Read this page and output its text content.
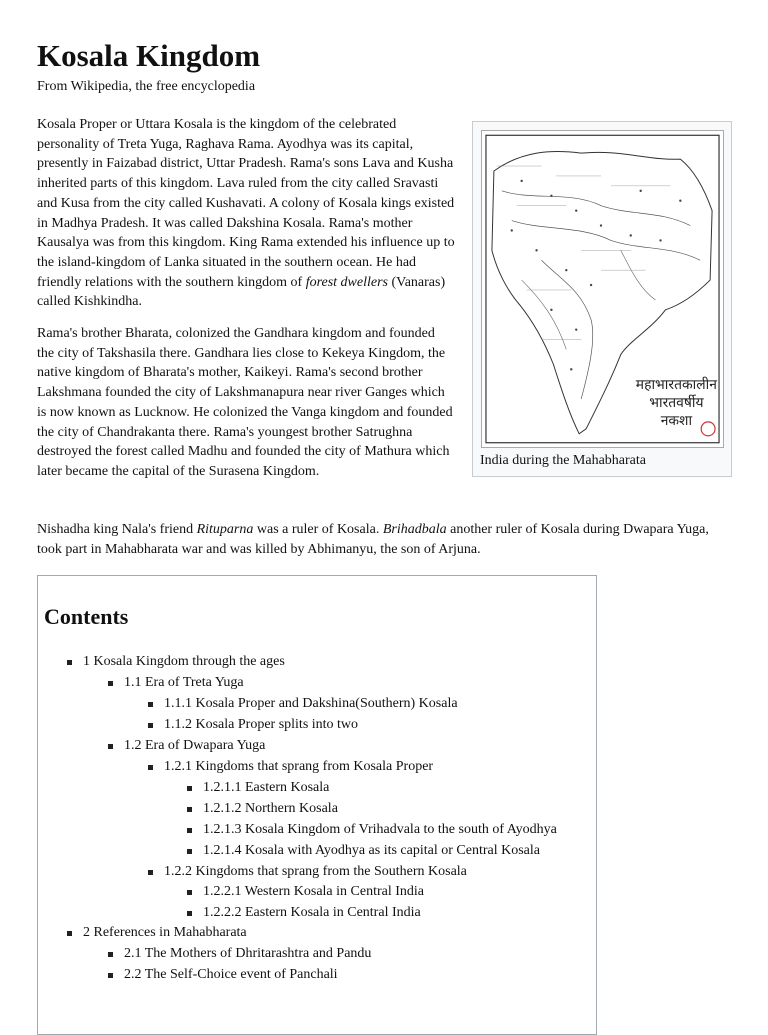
Kosala Kingdom
From Wikipedia, the free encyclopedia

Kosala Proper or Uttara Kosala is the kingdom of the celebrated personality of Treta Yuga, Raghava Rama. Ayodhya was its capital, presently in Faizabad district, Uttar Pradesh. Rama's sons Lava and Kusha inherited parts of this kingdom. Lava ruled from the city called Sravasti and Kusa from the city called Kushavati. A colony of Kosala kings existed in Madhya Pradesh. It was called Dakshina Kosala. Rama's mother Kausalya was from this kingdom. King Rama extended his influence up to the island-kingdom of Lanka situated in the southern ocean. He had friendly relations with the southern kingdom of forest dwellers (Vanaras) called Kishkindha.

Rama's brother Bharata, colonized the Gandhara kingdom and founded the city of Takshasila there. Gandhara lies close to Kekeya Kingdom, the native kingdom of Bharata's mother, Kaikeyi. Rama's second brother Lakshmana founded the city of Lakshmanapura near river Ganges which is now known as Lucknow. He colonized the Vanga kingdom and founded the city of Chandrakanta there. Rama's youngest brother Satrughna destroyed the forest called Madhu and founded the city of Mathura which later became the capital of the Surasena Kingdom.

महाभारतकालीन
भारतवर्षीय
नकशा
India during the Mahabharata
Nishadha king Nala's friend Rituparna was a ruler of Kosala. Brihadbala another ruler of Kosala during Dwapara Yuga, took part in Mahabharata war and was killed by Abhimanyu, the son of Arjuna.
Contents
1 Kosala Kingdom through the ages
1.1 Era of Treta Yuga
1.1.1 Kosala Proper and Dakshina(Southern) Kosala
1.1.2 Kosala Proper splits into two
1.2 Era of Dwapara Yuga
1.2.1 Kingdoms that sprang from Kosala Proper
1.2.1.1 Eastern Kosala
1.2.1.2 Northern Kosala
1.2.1.3 Kosala Kingdom of Vrihadvala to the south of Ayodhya
1.2.1.4 Kosala with Ayodhya as its capital or Central Kosala
1.2.2 Kingdoms that sprang from the Southern Kosala
1.2.2.1 Western Kosala in Central India
1.2.2.2 Eastern Kosala in Central India
2 References in Mahabharata
2.1 The Mothers of Dhritarashtra and Pandu
2.2 The Self-Choice event of Panchali
